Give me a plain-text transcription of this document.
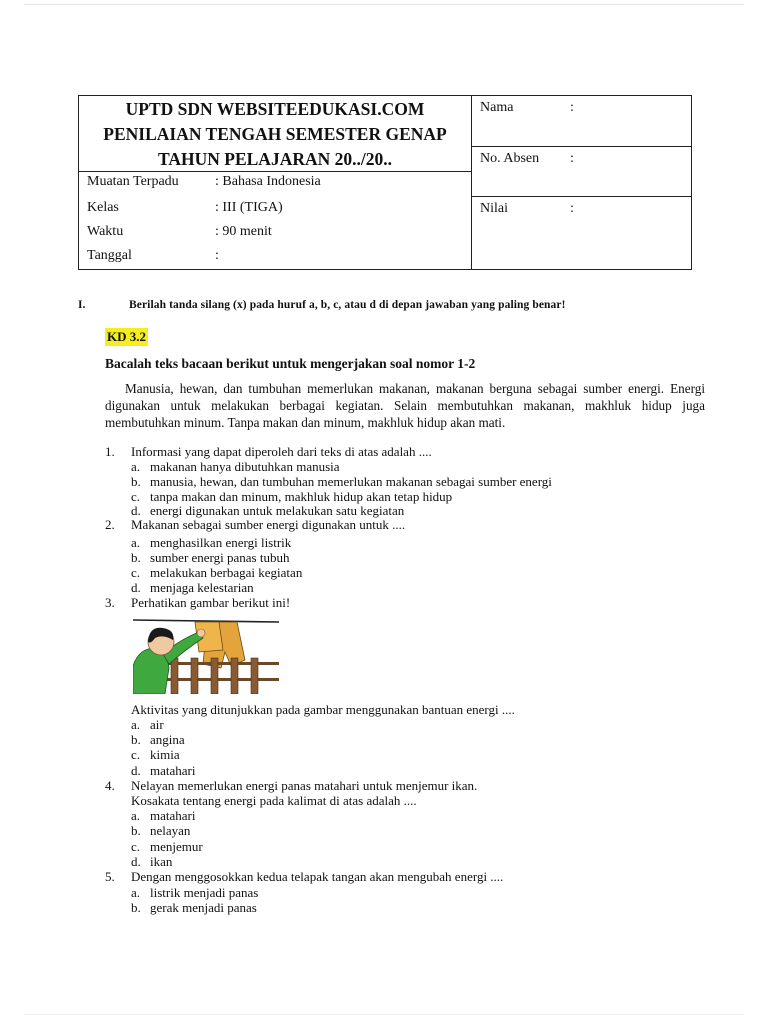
UPTD SDN WEBSITEEDUKASI.COM
PENILAIAN TENGAH SEMESTER GENAP
TAHUN PELAJARAN 20../20..
Muatan Terpadu	: Bahasa Indonesia
Kelas	: III (TIGA)
Waktu	: 90 menit
Tanggal	:
Nama	:
No. Absen :
Nilai	:
I.	Berilah tanda silang (x) pada huruf a, b, c, atau d di depan jawaban yang paling benar!
KD 3.2
Bacalah teks bacaan berikut untuk mengerjakan soal nomor 1-2
Manusia, hewan, dan tumbuhan memerlukan makanan, makanan berguna sebagai sumber energi. Energi digunakan untuk melakukan berbagai kegiatan. Selain membutuhkan makanan, makhluk hidup juga membutuhkan minum. Tanpa makan dan minum, makhluk hidup akan mati.
1. Informasi yang dapat diperoleh dari teks di atas adalah ....
a. makanan hanya dibutuhkan manusia
b. manusia, hewan, dan tumbuhan memerlukan makanan sebagai sumber energi
c. tanpa makan dan minum, makhluk hidup akan tetap hidup
d. energi digunakan untuk melakukan satu kegiatan
2. Makanan sebagai sumber energi digunakan untuk ....
a. menghasilkan energi listrik
b. sumber energi panas tubuh
c. melakukan berbagai kegiatan
d. menjaga kelestarian
3. Perhatikan gambar berikut ini!
Aktivitas yang ditunjukkan pada gambar menggunakan bantuan energi ....
a. air
b. angina
c. kimia
d. matahari
4. Nelayan memerlukan energi panas matahari untuk menjemur ikan.
Kosakata tentang energi pada kalimat di atas adalah ....
a. matahari
b. nelayan
c. menjemur
d. ikan
5. Dengan menggosokkan kedua telapak tangan akan mengubah energi ....
a. listrik menjadi panas
b. gerak menjadi panas
